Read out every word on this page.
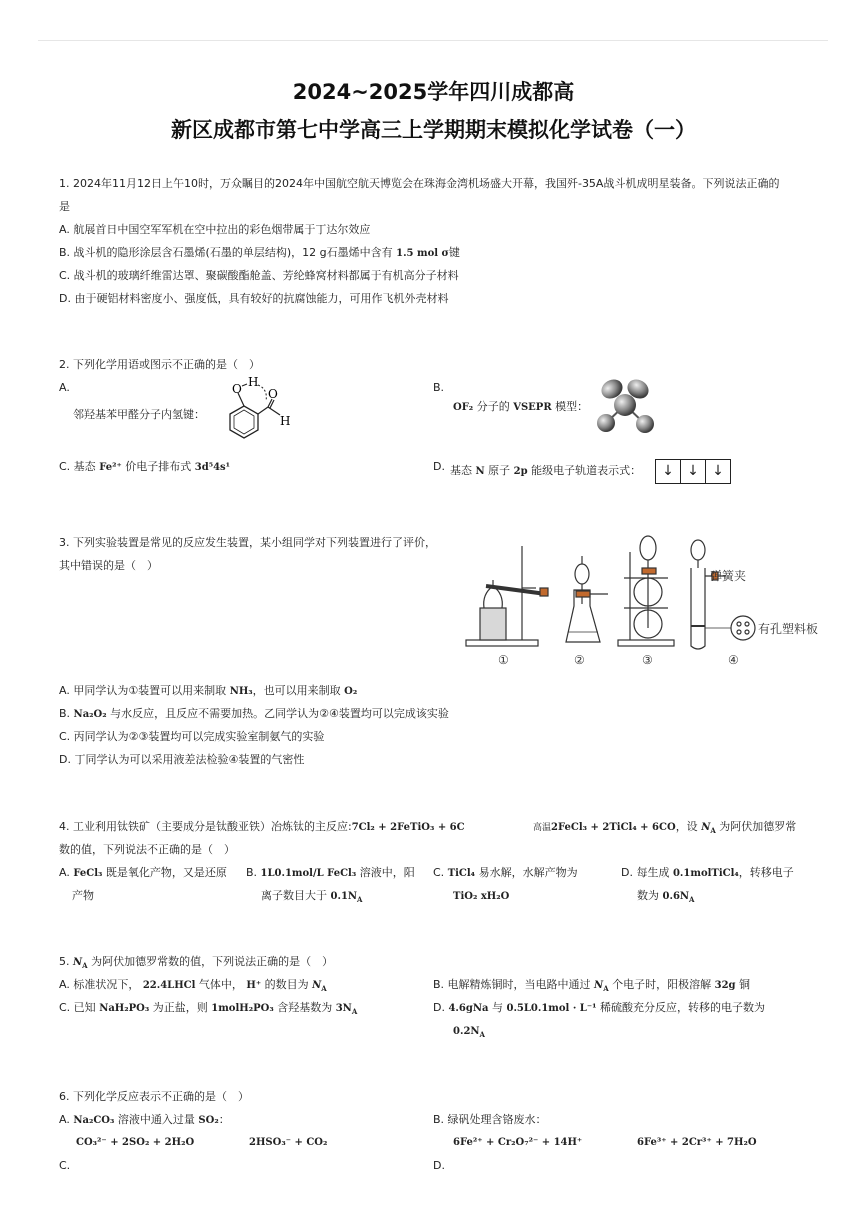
2024~2025学年四川成都高
新区成都市第七中学高三上学期期末模拟化学试卷（一）
1. 2024年11月12日上午10时，万众瞩目的2024年中国航空航天博览会在珠海金湾机场盛大开幕，我国歼-35A战斗机成明星装备。下列说法正确的
是
A. 航展首日中国空军军机在空中拉出的彩色烟带属于丁达尔效应
B. 战斗机的隐形涂层含石墨烯(石墨的单层结构)，12 g石墨烯中含有 1.5 mol σ键
C. 战斗机的玻璃纤维雷达罩、聚碳酸酯舱盖、芳纶蜂窝材料都属于有机高分子材料
D. 由于硬铝材料密度小、强度低，具有较好的抗腐蚀能力，可用作飞机外壳材料
2. 下列化学用语或图示不正确的是（　）
A.
邻羟基苯甲醛分子内氢键：
O H
O
H
B.
OF₂ 分子的 VSEPR 模型：
C. 基态 Fe²⁺ 价电子排布式 3d⁵4s¹	D. 基态 N 原子 2p 能级电子轨道表示式：	↓ ↓ ↓
3. 下列实验装置是常见的反应发生装置，某小组同学对下列装置进行了评价，
其中错误的是（　）
弹簧夹
有孔塑料板
①	②	③	④
A. 甲同学认为①装置可以用来制取 NH₃，也可以用来制取 O₂
B. Na₂O₂ 与水反应，且反应不需要加热。乙同学认为②④装置均可以完成该实验
C. 丙同学认为②③装置均可以完成实验室制氨气的实验
D. 丁同学认为可以采用液差法检验④装置的气密性
4. 工业利用钛铁矿（主要成分是钛酸亚铁）冶炼钛的主反应:7Cl₂ + 2FeTiO₃ + 6C	高温2FeCl₃ + 2TiCl₄ + 6CO，设 $N_A$ 为阿伏加德罗常
数的值，下列说法不正确的是（　）
A. FeCl₃ 既是氧化产物，又是还原
产物
B. 1L0.1mol/L FeCl₃ 溶液中，阳
离子数目大于 $0.1N_A$
C. TiCl₄ 易水解，水解产物为
TiO₂ xH₂O
D. 每生成 0.1molTiCl₄，转移电子
数为 $0.6N_A$
5. $N_A$ 为阿伏加德罗常数的值，下列说法正确的是（　）
A. 标准状况下， 22.4LHCl 气体中， H⁺ 的数目为 $N_A$	B. 电解精炼铜时，当电路中通过 $N_A$ 个电子时，阳极溶解 32g 铜
C. 已知 NaH₂PO₃ 为正盐，则 1molH₂PO₃ 含羟基数为 $3N_A$	D. 4.6gNa 与 0.5L0.1mol · L⁻¹ 稀硫酸充分反应，转移的电子数为
$0.2N_A$
6. 下列化学反应表示不正确的是（　）
A. Na₂CO₃ 溶液中通入过量 SO₂：
CO₃²⁻ + 2SO₂ + 2H₂O	2HSO₃⁻ + CO₂
B. 绿矾处理含铬废水：
6Fe²⁺ + Cr₂O₇²⁻ + 14H⁺	6Fe³⁺ + 2Cr³⁺ + 7H₂O
C.	D.
